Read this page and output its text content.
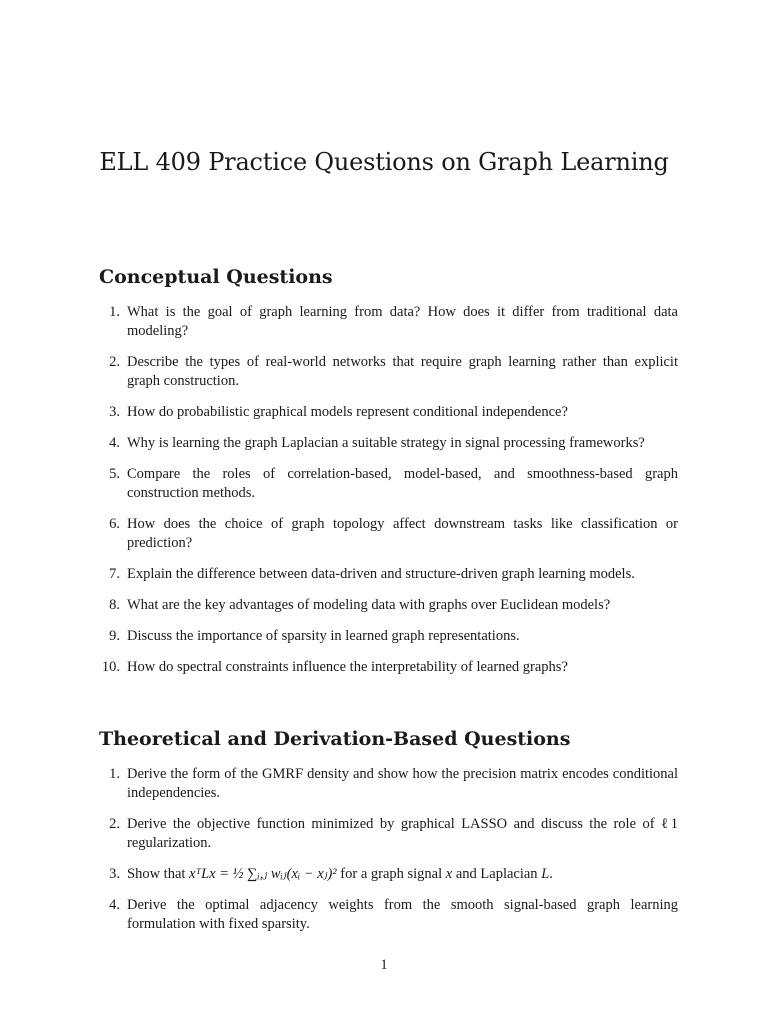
ELL 409 Practice Questions on Graph Learning
Conceptual Questions
1. What is the goal of graph learning from data? How does it differ from traditional data modeling?
2. Describe the types of real-world networks that require graph learning rather than explicit graph construction.
3. How do probabilistic graphical models represent conditional independence?
4. Why is learning the graph Laplacian a suitable strategy in signal processing frameworks?
5. Compare the roles of correlation-based, model-based, and smoothness-based graph construction methods.
6. How does the choice of graph topology affect downstream tasks like classification or prediction?
7. Explain the difference between data-driven and structure-driven graph learning models.
8. What are the key advantages of modeling data with graphs over Euclidean models?
9. Discuss the importance of sparsity in learned graph representations.
10. How do spectral constraints influence the interpretability of learned graphs?
Theoretical and Derivation-Based Questions
1. Derive the form of the GMRF density and show how the precision matrix encodes conditional independencies.
2. Derive the objective function minimized by graphical LASSO and discuss the role of ℓ1 regularization.
3. Show that xᵀLx = ½ ∑ᵢ,ⱼ wᵢⱼ(xᵢ − xⱼ)² for a graph signal x and Laplacian L.
4. Derive the optimal adjacency weights from the smooth signal-based graph learning formulation with fixed sparsity.
1
